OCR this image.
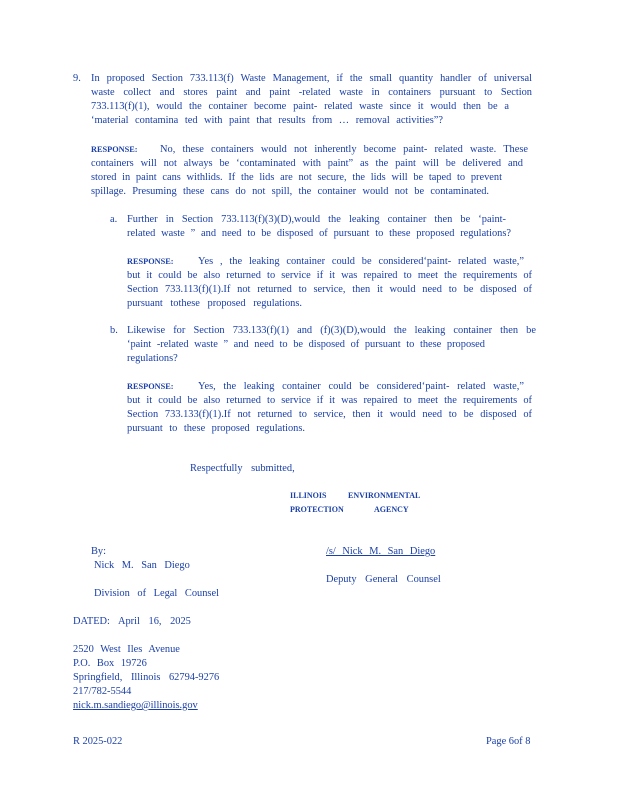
9. In proposed Section 733.113(f) Waste Management, if the small quantity handler of universal
waste collect and stores paint and paint -related waste in containers pursuant to Section
733.113(f)(1), would the container become paint- related waste since it would then be a
‘material contamina ted with paint that results from … removal activities”?
RESPONSE: No, these containers would not inherently become paint- related waste. These
containers will not always be ‘contaminated with paint” as the paint will be delivered and
stored in paint cans withlids. If the lids are not secure, the lids will be taped to prevent
spillage. Presuming these cans do not spill, the container would not be contaminated.
a. Further in Section 733.113(f)(3)(D),would the leaking container then be ‘paint-
related waste ” and need to be disposed of pursuant to these proposed regulations?
RESPONSE: Yes , the leaking container could be considered‘paint- related waste,”
but it could be also returned to service if it was repaired to meet the requirements of
Section 733.113(f)(1).If not returned to service, then it would need to be disposed of
pursuant tothese proposed regulations.
b. Likewise for Section 733.133(f)(1) and (f)(3)(D),would the leaking container then be
‘paint -related waste ” and need to be disposed of pursuant to these proposed
regulations?
RESPONSE: Yes, the leaking container could be considered‘paint- related waste,”
but it could be also returned to service if it was repaired to meet the requirements of
Section 733.133(f)(1).If not returned to service, then it would need to be disposed of
pursuant to these proposed regulations.
Respectfully submitted,
ILLINOIS	ENVIRONMENTAL
PROTECTION	AGENCY
By:
Nick M. San Diego
Division of Legal Counsel
/s/ Nick M. San Diego
Deputy General Counsel
DATED: April 16, 2025
2520 West Iles Avenue
P.O. Box 19726
Springfield, Illinois 62794-9276
217/782-5544
nick.m.sandiego@illinois.gov
R 2025-022	Page 6of 8
